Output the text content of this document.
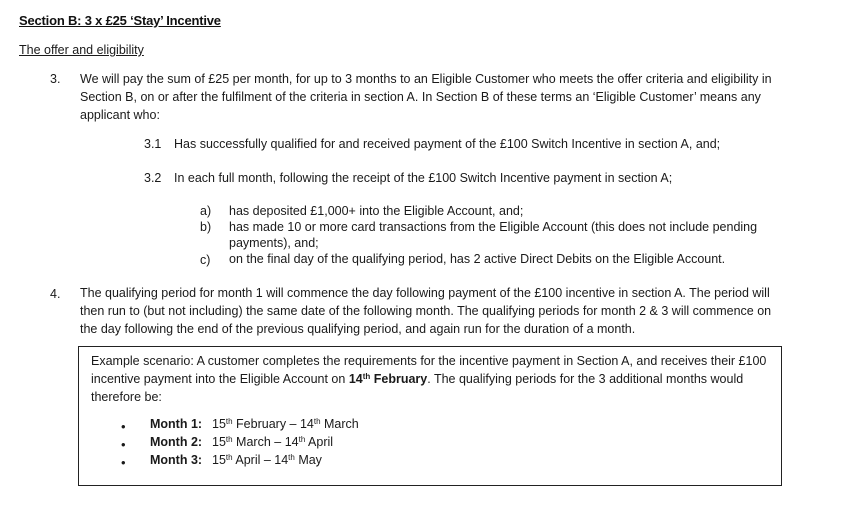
Section B: 3 x £25 ‘Stay’ Incentive
The offer and eligibility
3. We will pay the sum of £25 per month, for up to 3 months to an Eligible Customer who meets the offer criteria and eligibility in
Section B, on or after the fulfilment of the criteria in section A. In Section B of these terms an ‘Eligible Customer’ means any
applicant who:
3.1 Has successfully qualified for and received payment of the £100 Switch Incentive in section A, and;
3.2 In each full month, following the receipt of the £100 Switch Incentive payment in section A;
a) has deposited £1,000+ into the Eligible Account, and;
b) has made 10 or more card transactions from the Eligible Account (this does not include pending
payments), and;
c) on the final day of the qualifying period, has 2 active Direct Debits on the Eligible Account.
4. The qualifying period for month 1 will commence the day following payment of the £100 incentive in section A. The period will
then run to (but not including) the same date of the following month. The qualifying periods for month 2 & 3 will commence on
the day following the end of the previous qualifying period, and again run for the duration of a month.
Example scenario: A customer completes the requirements for the incentive payment in Section A, and receives their £100
incentive payment into the Eligible Account on 14th February. The qualifying periods for the 3 additional months would
therefore be:
• Month 1: 15th February – 14th March
• Month 2: 15th March – 14th April
• Month 3: 15th April – 14th May
